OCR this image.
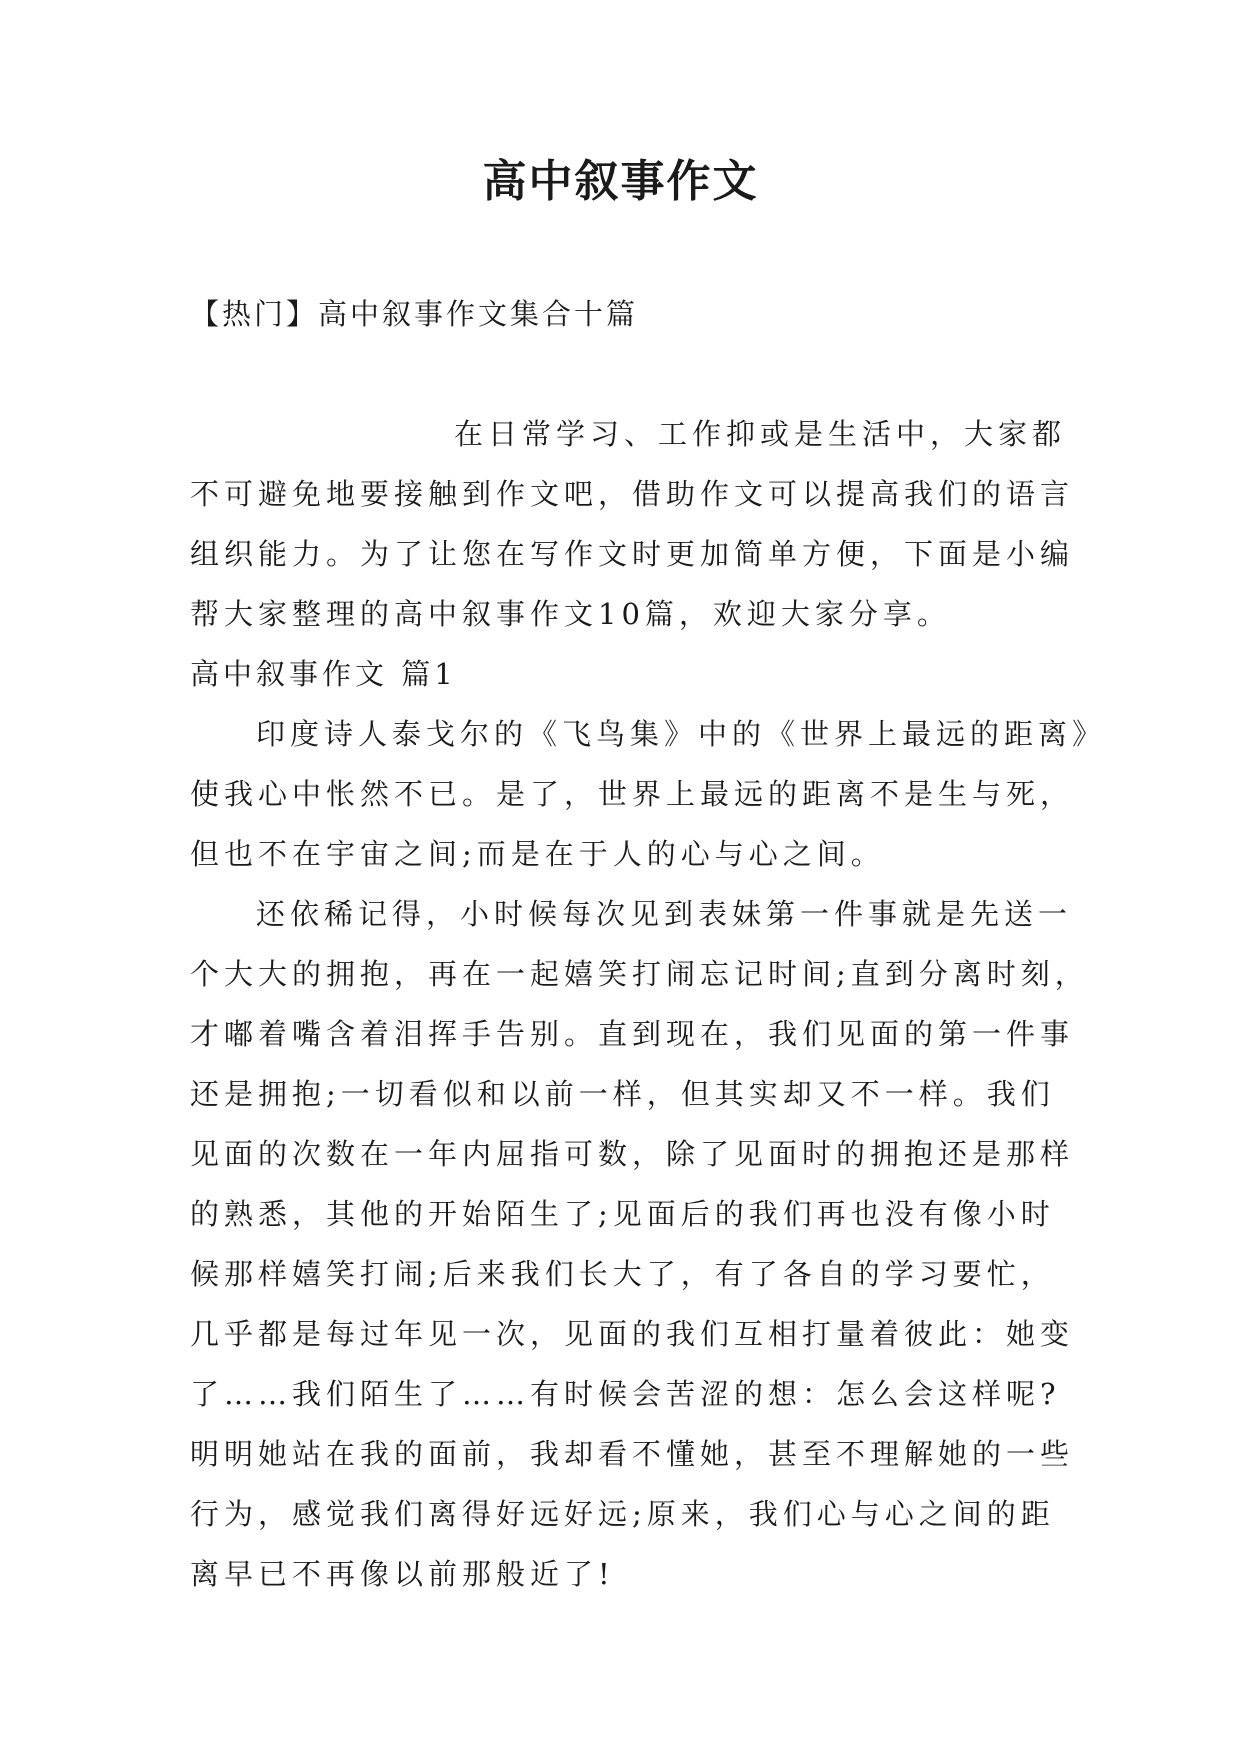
高中叙事作文
【热门】高中叙事作文集合十篇
在日常学习、工作抑或是生活中，大家都
不可避免地要接触到作文吧，借助作文可以提高我们的语言
组织能力。为了让您在写作文时更加简单方便，下面是小编
帮大家整理的高中叙事作文10篇，欢迎大家分享。
高中叙事作文 篇1
印度诗人泰戈尔的《飞鸟集》中的《世界上最远的距离》
使我心中怅然不已。是了，世界上最远的距离不是生与死，
但也不在宇宙之间;而是在于人的心与心之间。
还依稀记得，小时候每次见到表妹第一件事就是先送一
个大大的拥抱，再在一起嬉笑打闹忘记时间;直到分离时刻，
才嘟着嘴含着泪挥手告别。直到现在，我们见面的第一件事
还是拥抱;一切看似和以前一样，但其实却又不一样。我们
见面的次数在一年内屈指可数，除了见面时的拥抱还是那样
的熟悉，其他的开始陌生了;见面后的我们再也没有像小时
候那样嬉笑打闹;后来我们长大了，有了各自的学习要忙，
几乎都是每过年见一次，见面的我们互相打量着彼此：她变
了……我们陌生了……有时候会苦涩的想：怎么会这样呢?
明明她站在我的面前，我却看不懂她，甚至不理解她的一些
行为，感觉我们离得好远好远;原来，我们心与心之间的距
离早已不再像以前那般近了!
